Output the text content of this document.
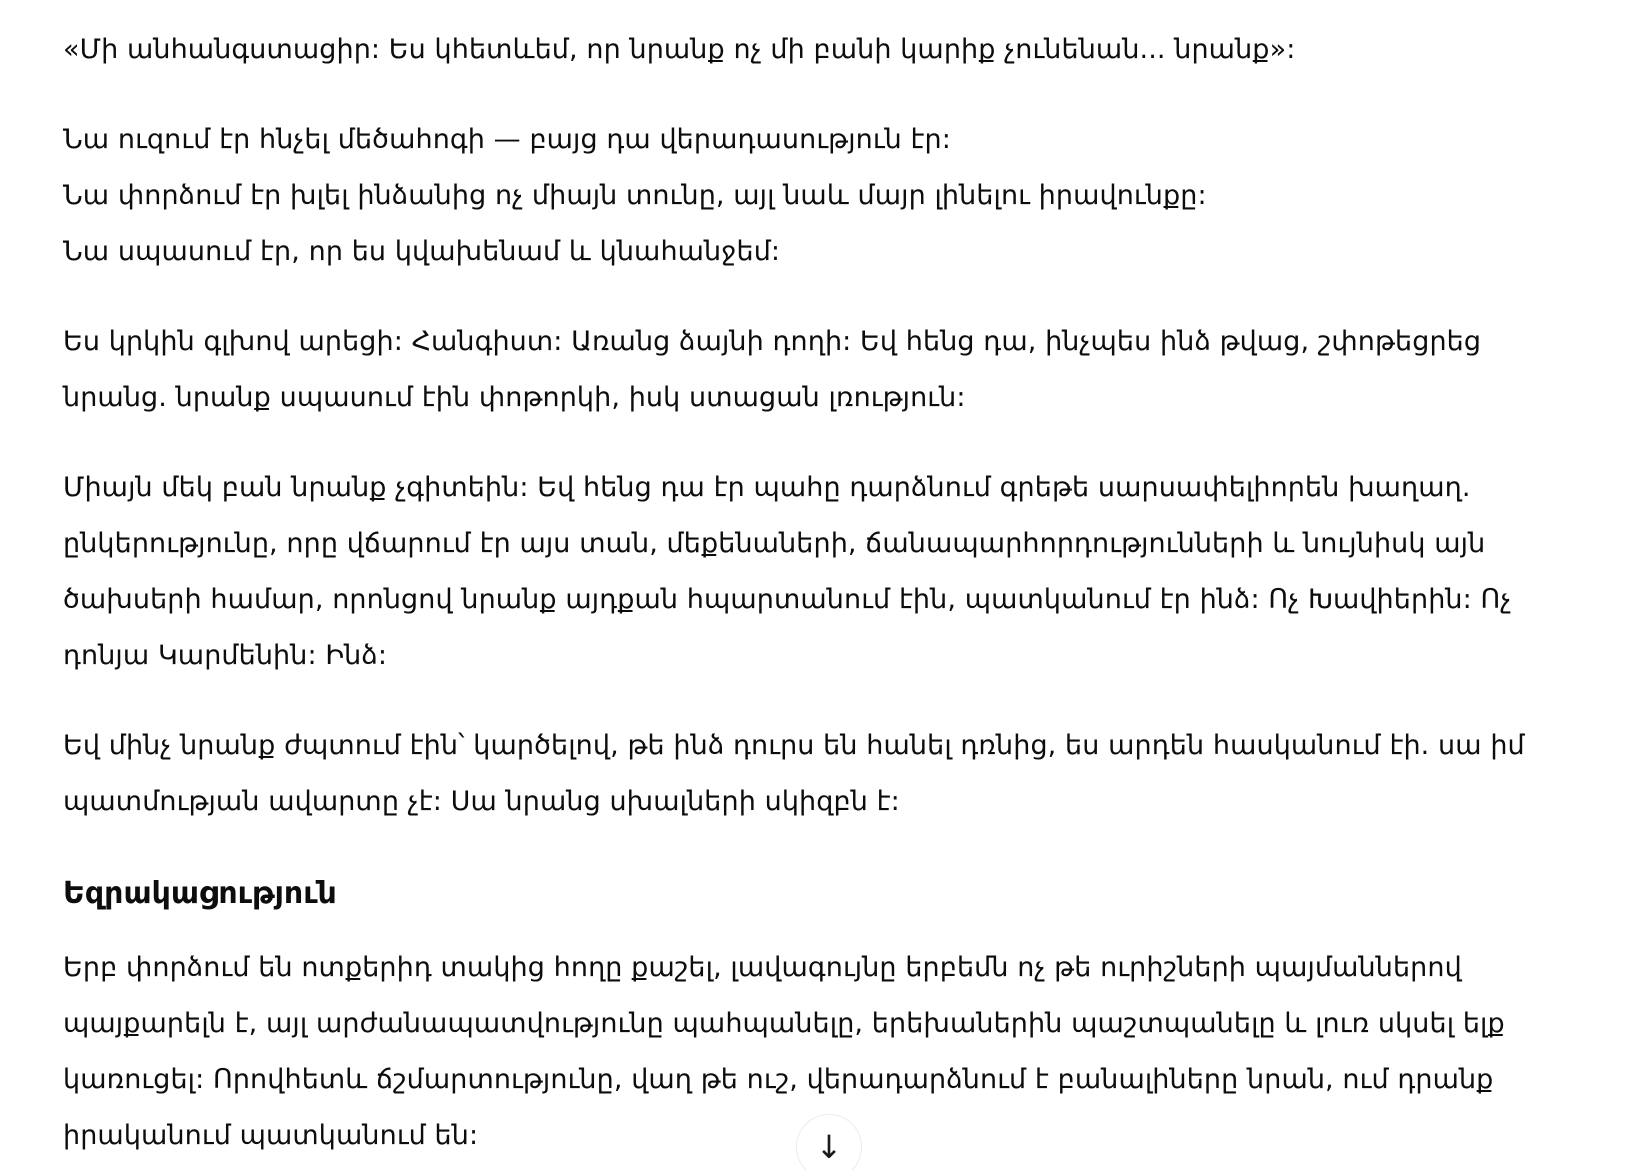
«Մի անհանգստացիր: Ես կհետևեմ, որ նրանք ոչ մի բանի կարիք չունենան... նրանք»:

Նա ուզում էր հնչել մեծահոգի — բայց դա վերադասություն էր:
Նա փորձում էր խլել ինձանից ոչ միայն տունը, այլ նաև մայր լինելու իրավունքը:
Նա սպասում էր, որ ես կվախենամ և կնահանջեմ:

Ես կրկին գլխով արեցի: Հանգիստ: Առանց ձայնի դողի: Եվ հենց դա, ինչպես ինձ թվաց, շփոթեցրեց
նրանց. նրանք սպասում էին փոթորկի, իսկ ստացան լռություն:

Միայն մեկ բան նրանք չգիտեին: Եվ հենց դա էր պահը դարձնում գրեթե սարսափելիորեն խաղաղ.
ընկերությունը, որը վճարում էր այս տան, մեքենաների, ճանապարհորդությունների և նույնիսկ այն
ծախսերի համար, որոնցով նրանք այդքան հպարտանում էին, պատկանում էր ինձ: Ոչ Խավիերին: Ոչ
դոնյա Կարմենին: Ինձ:

Եվ մինչ նրանք ժպտում էին՝ կարծելով, թե ինձ դուրս են հանել դռնից, ես արդեն հասկանում էի. սա իմ
պատմության ավարտը չէ: Սա նրանց սխալների սկիզբն է:

Եզրակացություն

Երբ փորձում են ոտքերիդ տակից հողը քաշել, լավագույնը երբեմն ոչ թե ուրիշների պայմաններով
պայքարելն է, այլ արժանապատվությունը պահպանելը, երեխաներին պաշտպանելը և լուռ սկսել ելք
կառուցել: Որովհետև ճշմարտությունը, վաղ թե ուշ, վերադարձնում է բանալիները նրան, ում դրանք
իրականում պատկանում են:	↓
